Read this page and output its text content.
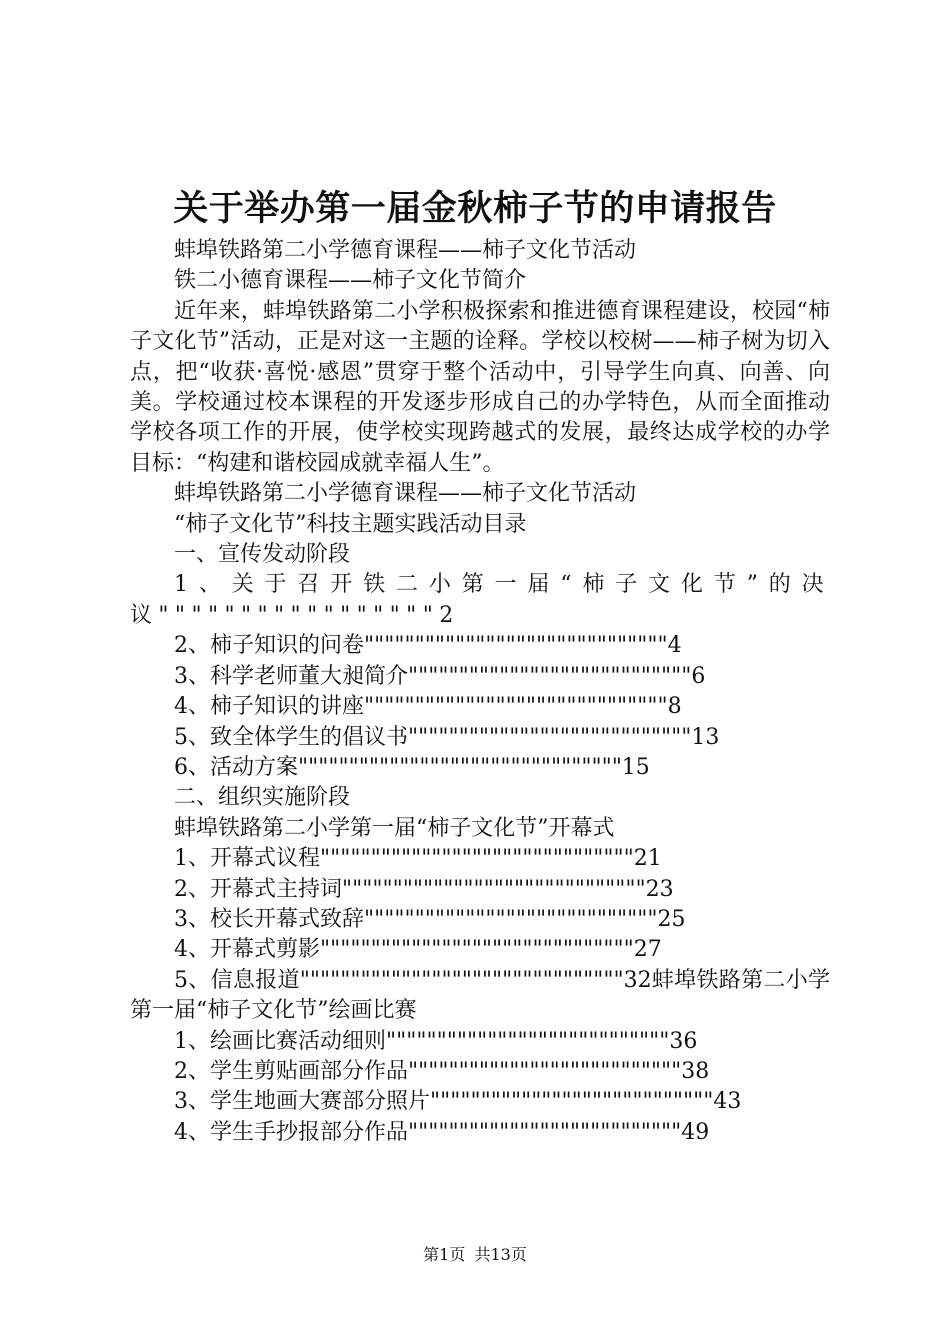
关于举办第一届金秋柿子节的申请报告

蚌埠铁路第二小学德育课程——柿子文化节活动

铁二小德育课程——柿子文化节简介

近年来，蚌埠铁路第二小学积极探索和推进德育课程建设，校园“柿子文化节”活动，正是对这一主题的诠释。学校以校树——柿子树为切入点，把“收获·喜悦·感恩”贯穿于整个活动中，引导学生向真、向善、向美。学校通过校本课程的开发逐步形成自己的办学特色，从而全面推动学校各项工作的开展，使学校实现跨越式的发展，最终达成学校的办学目标：“构建和谐校园成就幸福人生”。

蚌埠铁路第二小学德育课程——柿子文化节活动

“柿子文化节”科技主题实践活动目录

一、宣传发动阶段

1、关于召开铁二小第一届“柿子文化节”的决议"""""""""""""""""2

2、柿子知识的问卷""""""""""""""""""""""""""""""4

3、科学老师董大昶简介""""""""""""""""""""""""""""6

4、柿子知识的讲座""""""""""""""""""""""""""""""8

5、致全体学生的倡议书""""""""""""""""""""""""""""13

6、活动方案""""""""""""""""""""""""""""""""15

二、组织实施阶段

蚌埠铁路第二小学第一届“柿子文化节”开幕式

1、开幕式议程"""""""""""""""""""""""""""""""21

2、开幕式主持词""""""""""""""""""""""""""""""23

3、校长开幕式致辞"""""""""""""""""""""""""""""25

4、开幕式剪影"""""""""""""""""""""""""""""""27

5、信息报道""""""""""""""""""""""""""""""""32蚌埠铁路第二小学第一届“柿子文化节”绘画比赛

1、绘画比赛活动细则""""""""""""""""""""""""""""36

2、学生剪贴画部分作品"""""""""""""""""""""""""""38

3、学生地画大赛部分照片""""""""""""""""""""""""""""43

4、学生手抄报部分作品"""""""""""""""""""""""""""49

第1页 共13页
